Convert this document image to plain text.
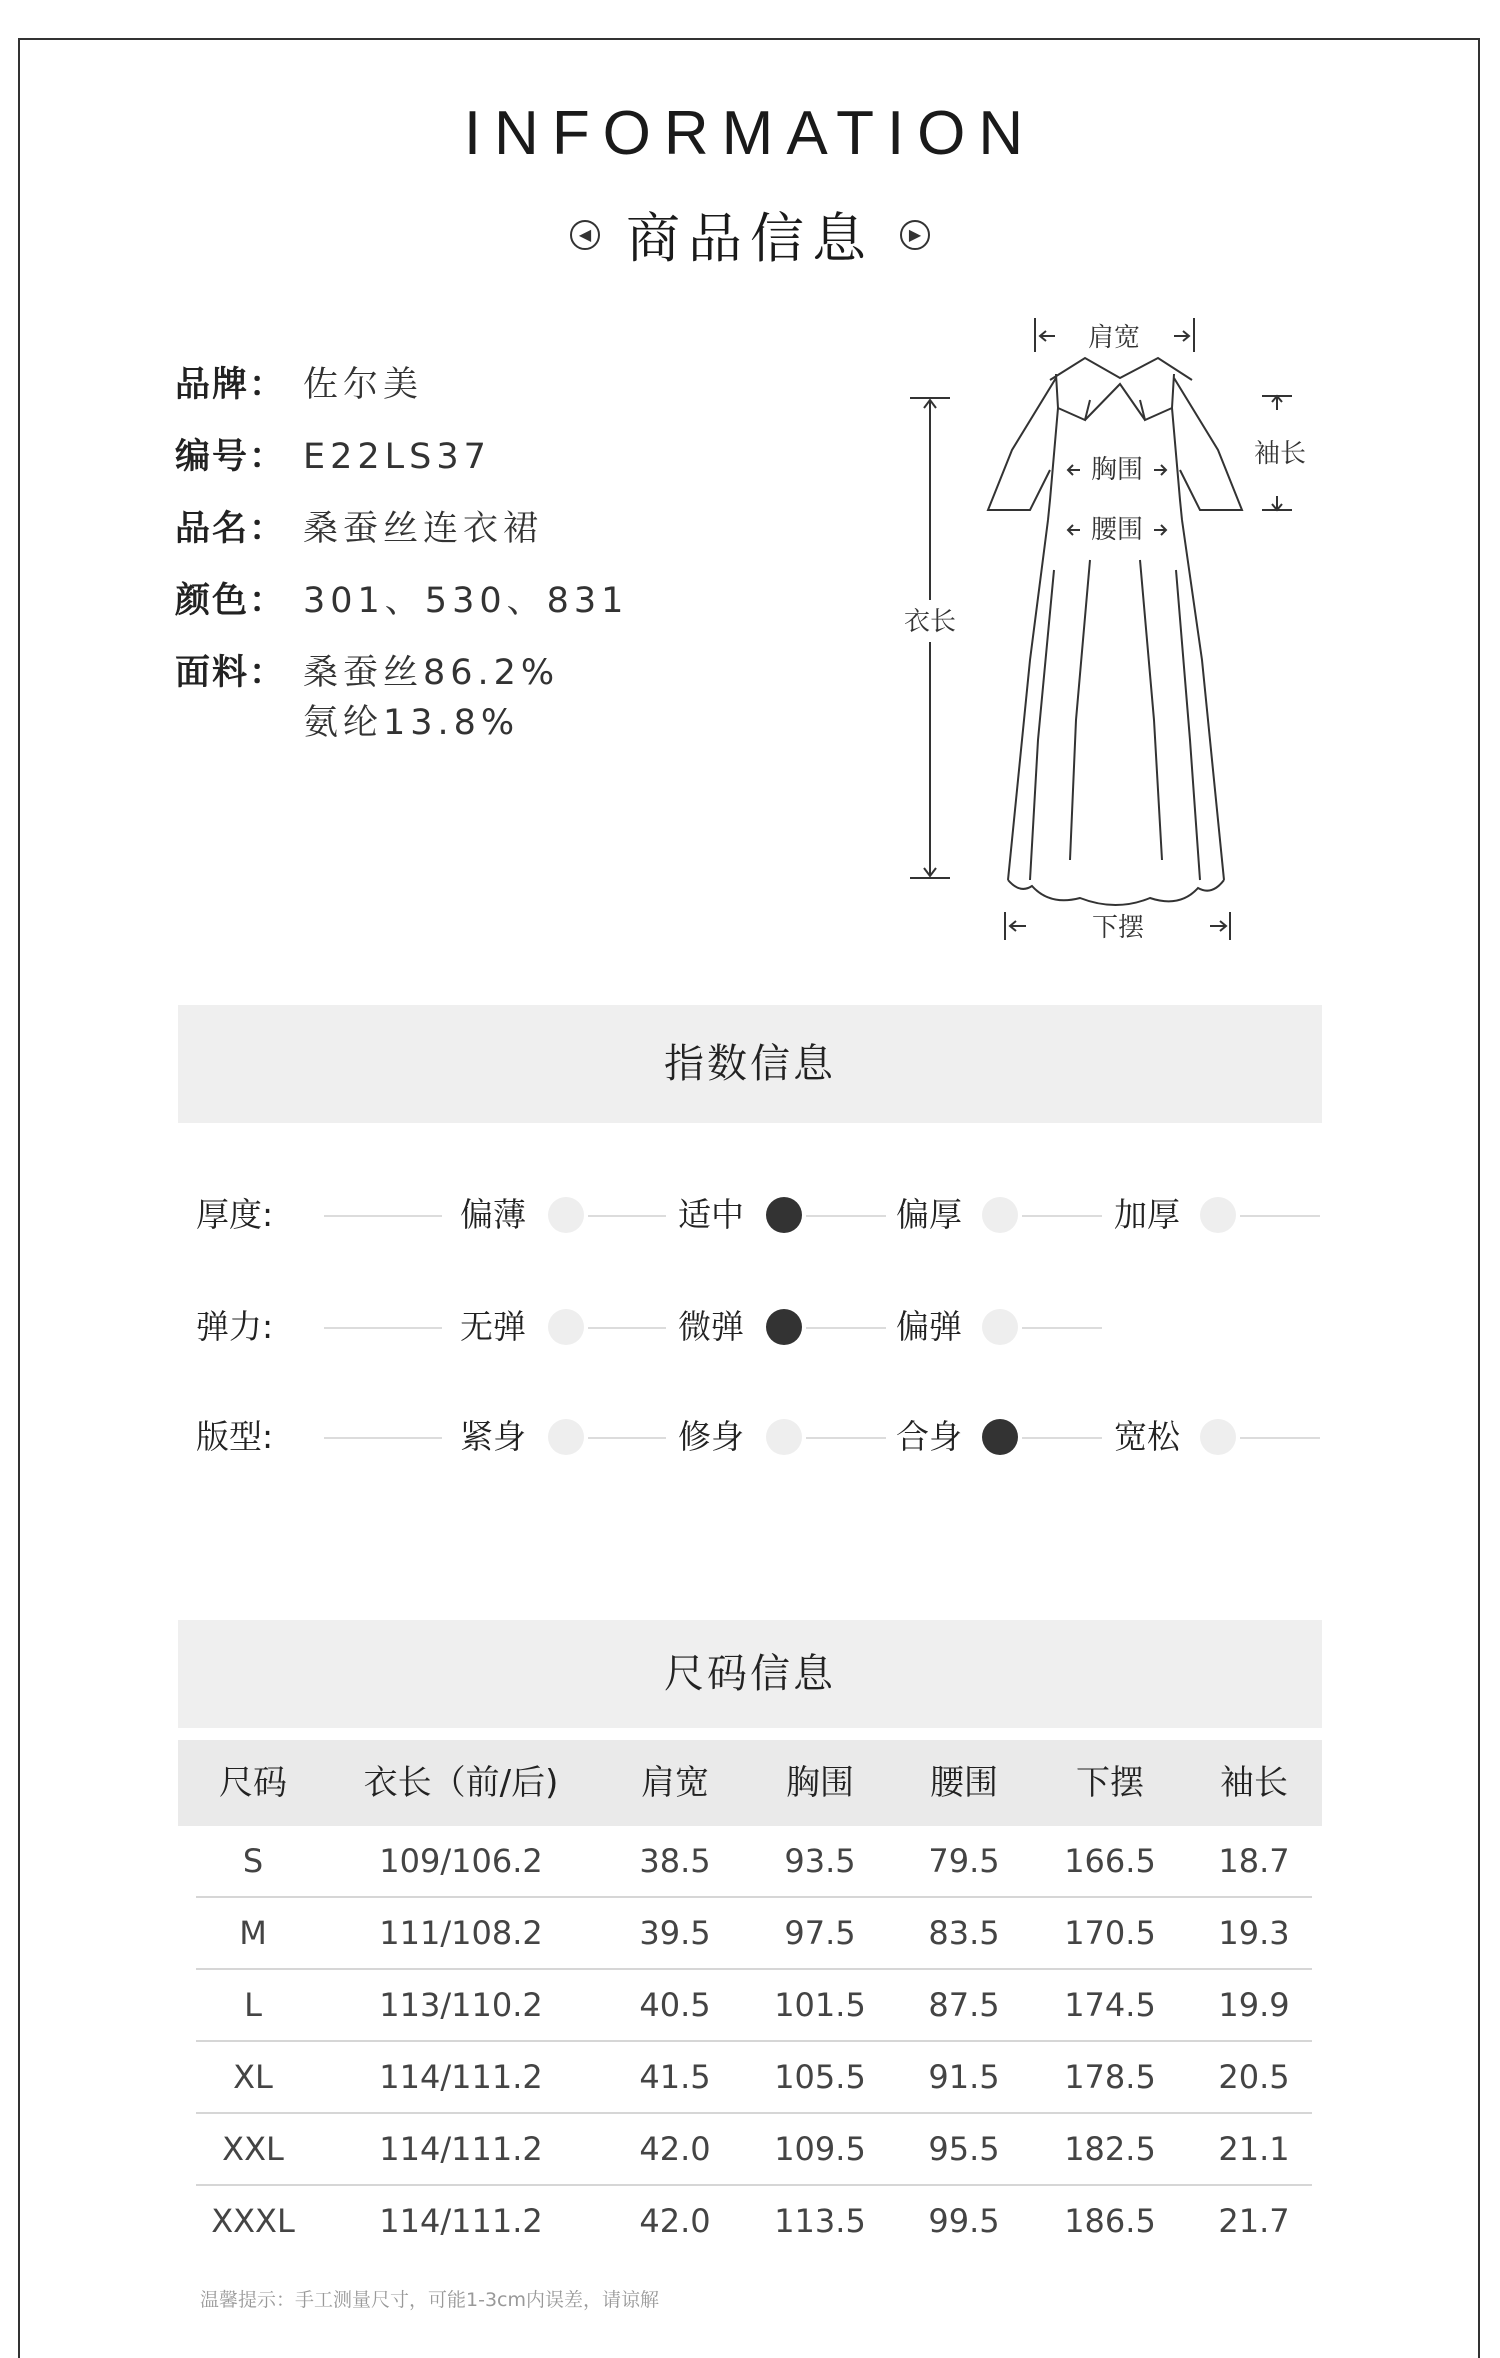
INFORMATION
◀ 商品信息	▶
品牌： 佐尔美
编号： E22LS37
品名： 桑蚕丝连衣裙
颜色： 301、530、831
面料： 桑蚕丝86.2%
氨纶13.8%
肩宽
袖长
胸围
腰围
衣长
下摆
指数信息
厚度:	偏薄	适中	偏厚	加厚
弹力:	无弹	微弹	偏弹
版型:	紧身	修身	合身	宽松
尺码信息
尺码 衣长（前/后) 肩宽 胸围 腰围 下摆 袖长
S	109/106.2	38.5 93.5 79.5 166.5 18.7
M	111/108.2	39.5 97.5 83.5 170.5 19.3
L	113/110.2	40.5 101.5 87.5 174.5 19.9
XL	114/111.2	41.5 105.5 91.5 178.5 20.5
XXL	114/111.2	42.0 109.5 95.5 182.5 21.1
XXXL	114/111.2	42.0 113.5 99.5 186.5 21.7
温馨提示：手工测量尺寸，可能1-3cm内误差，请谅解
